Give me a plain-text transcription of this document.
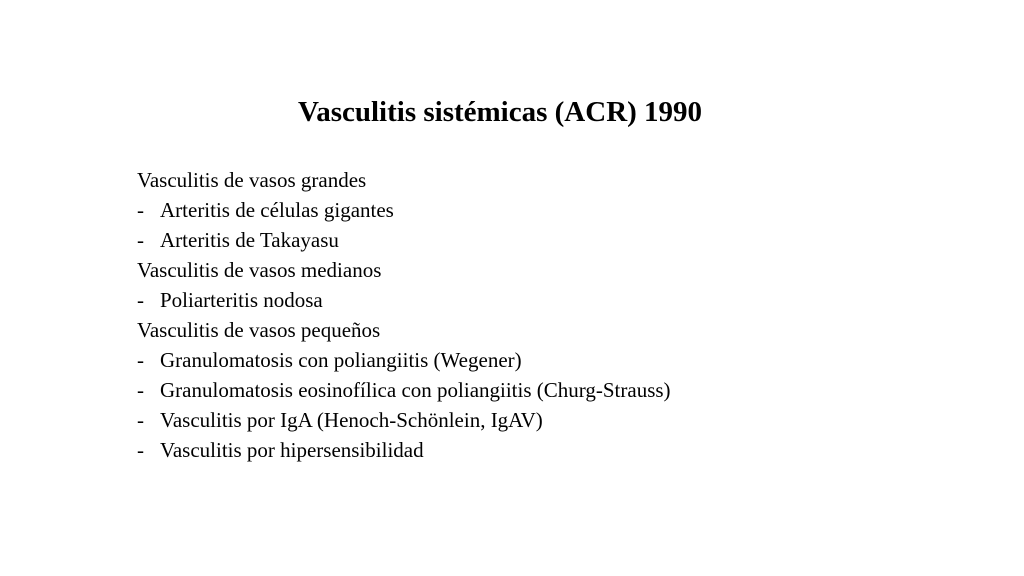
Vasculitis sistémicas (ACR) 1990
Vasculitis de vasos grandes
- Arteritis de células gigantes
- Arteritis de Takayasu
Vasculitis de vasos medianos
- Poliarteritis nodosa
Vasculitis de vasos pequeños
- Granulomatosis con poliangiitis (Wegener)
- Granulomatosis eosinofílica con poliangiitis (Churg-Strauss)
- Vasculitis por IgA (Henoch-Schönlein, IgAV)
- Vasculitis por hipersensibilidad
